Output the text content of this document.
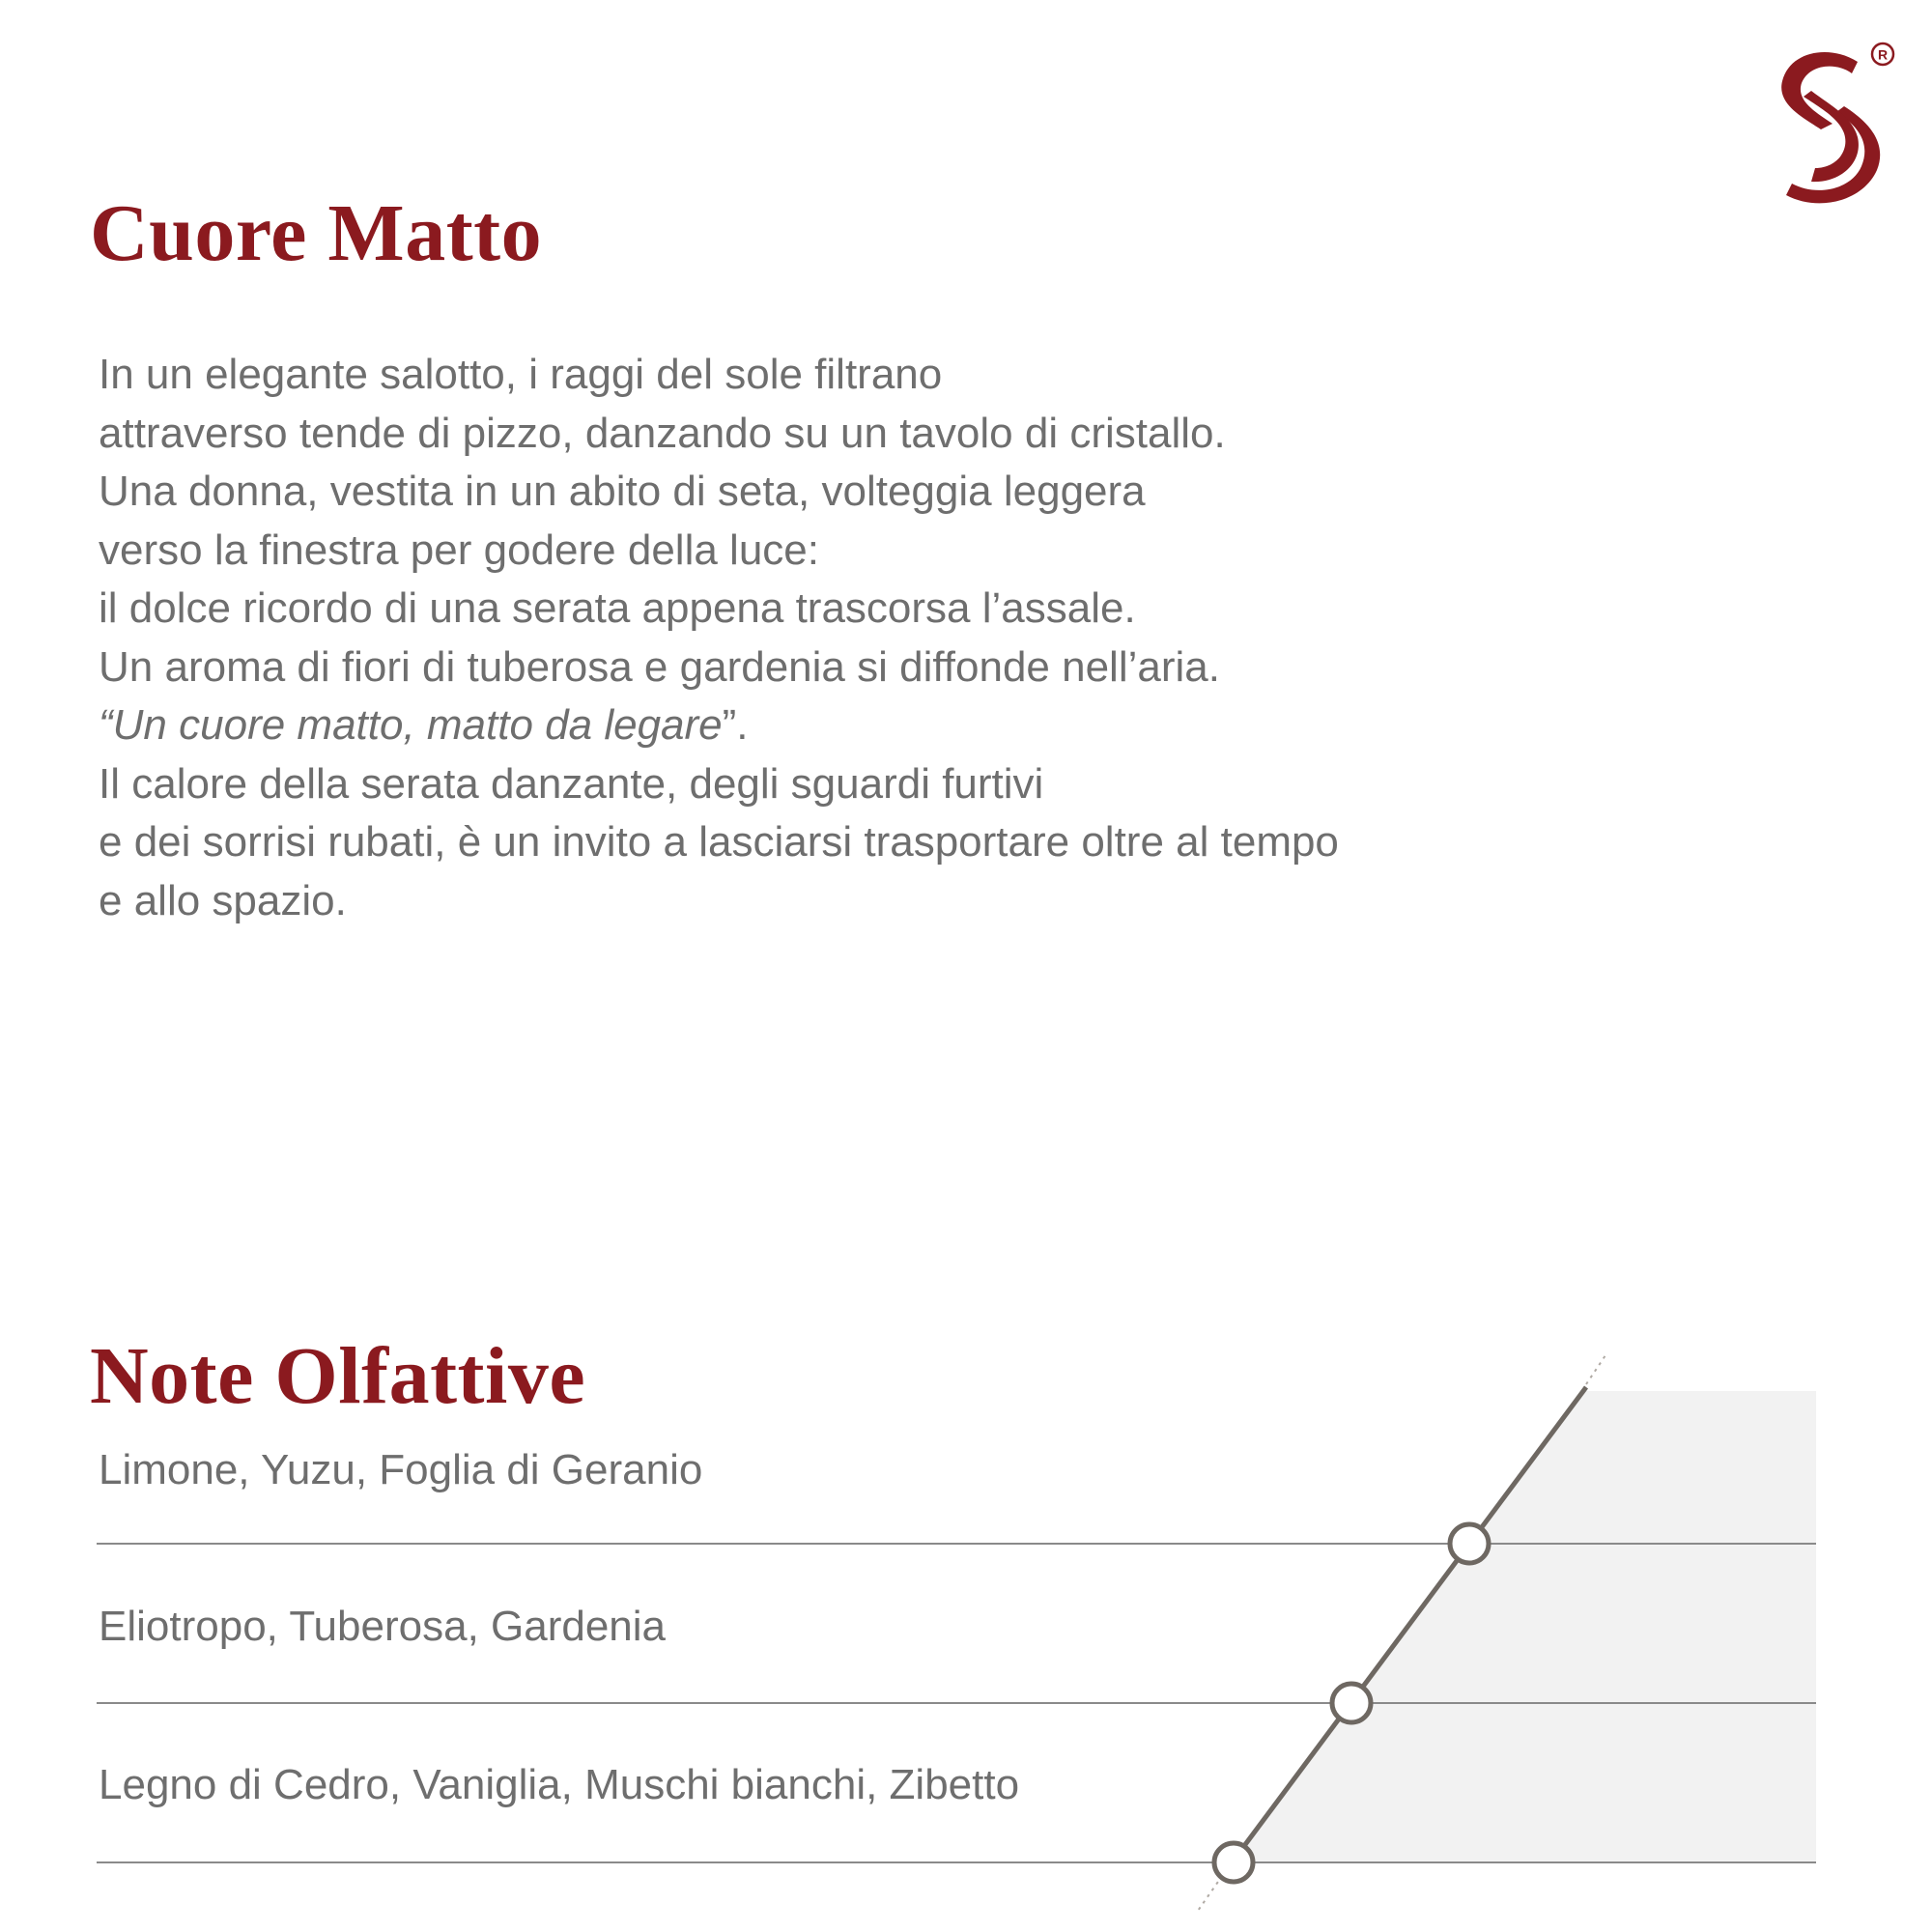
R
Cuore Matto

In un elegante salotto, i raggi del sole filtrano
attraverso tende di pizzo, danzando su un tavolo di cristallo.
Una donna, vestita in un abito di seta, volteggia leggera
verso la finestra per godere della luce:
il dolce ricordo di una serata appena trascorsa l’assale.
Un aroma di fiori di tuberosa e gardenia si diffonde nell’aria.
“Un cuore matto, matto da legare”.
Il calore della serata danzante, degli sguardi furtivi
e dei sorrisi rubati, è un invito a lasciarsi trasportare oltre al tempo
e allo spazio.

Note Olfattive

Limone, Yuzu, Foglia di Geranio

Eliotropo, Tuberosa, Gardenia

Legno di Cedro, Vaniglia, Muschi bianchi, Zibetto
